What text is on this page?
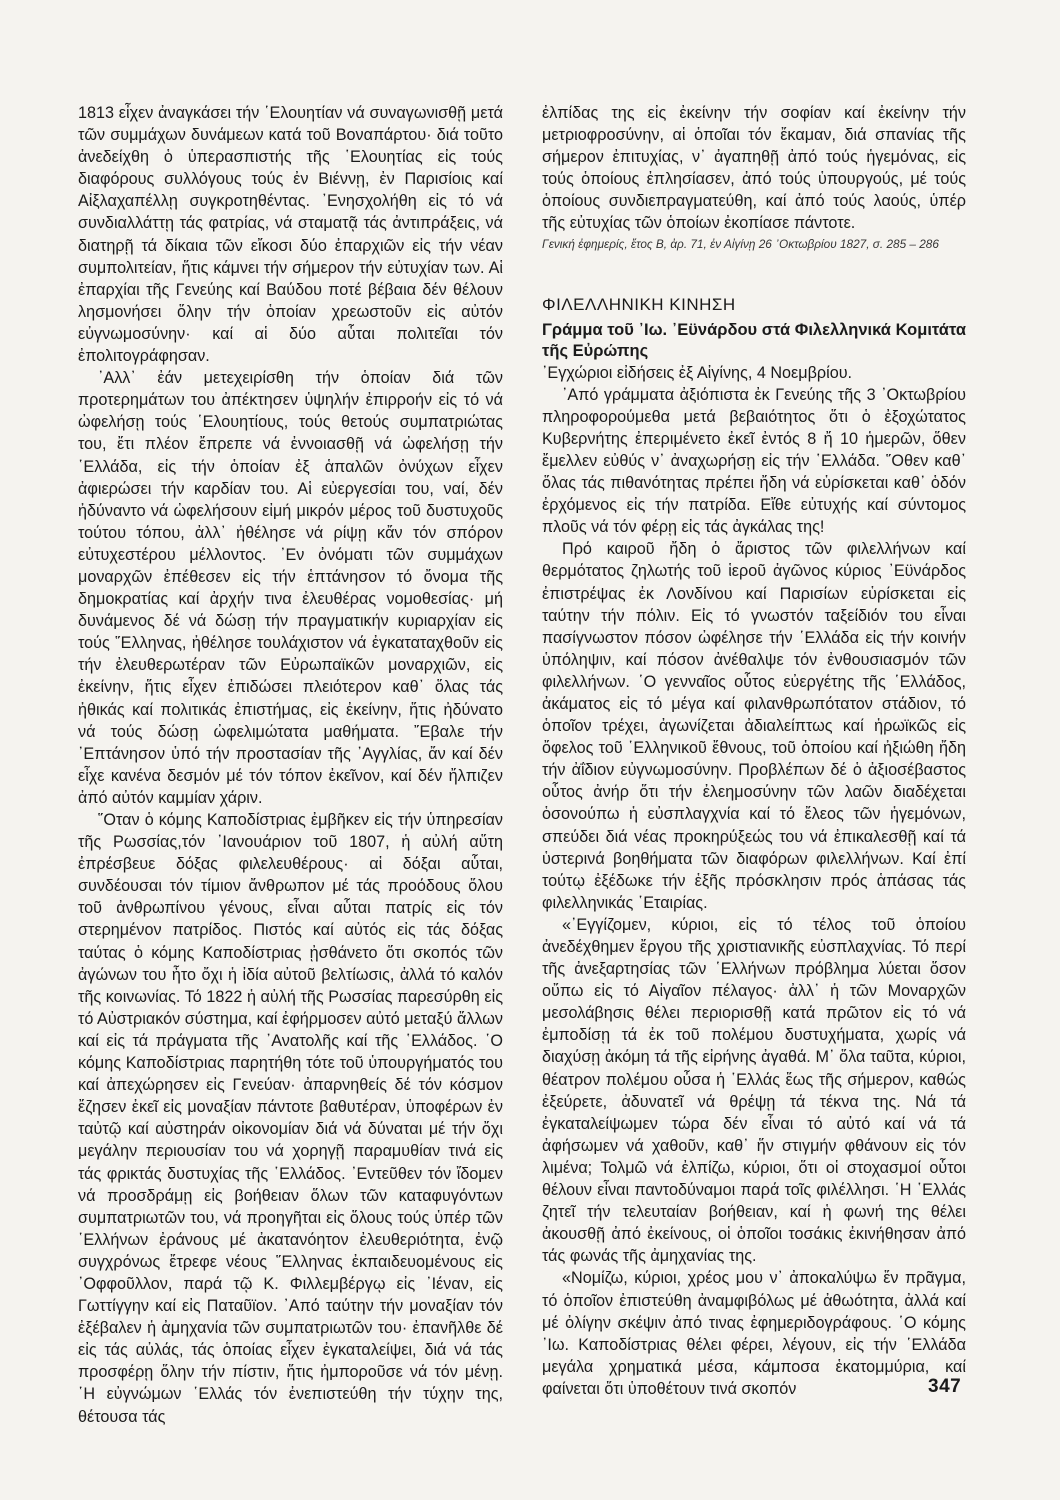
1813 εἶχεν ἀναγκάσει τήν ῾Ελουητίαν νά συναγωνισθῇ μετά τῶν συμμάχων δυνάμεων κατά τοῦ Βοναπάρτου· διά τοῦτο ἀνεδείχθη ὁ ὑπερασπιστής τῆς ῾Ελουητίας εἰς τούς διαφόρους συλλόγους τούς ἐν Βιέννῃ, ἐν Παρισίοις καί Αἰξλαχαπέλλῃ συγκροτηθέντας. ᾿Ενησχολήθη εἰς τό νά συνδιαλλάττῃ τάς φατρίας, νά σταματᾷ τάς ἀντιπράξεις, νά διατηρῇ τά δίκαια τῶν εἴκοσι δύο ἐπαρχιῶν εἰς τήν νέαν συμπολιτείαν, ἥτις κάμνει τήν σήμερον τήν εὐτυχίαν των. Αἱ ἐπαρχίαι τῆς Γενεύης καί Βαύδου ποτέ βέβαια δέν θέλουν λησμονήσει ὅλην τήν ὁποίαν χρεωστοῦν εἰς αὐτόν εὐγνωμοσύνην· καί αἱ δύο αὗται πολιτεῖαι τόν ἐπολιτογράφησαν.

᾿Αλλ᾿ ἐάν μετεχειρίσθη τήν ὁποίαν διά τῶν προτερημάτων του ἀπέκτησεν ὑψηλήν ἐπιρροήν εἰς τό νά ὠφελήσῃ τούς ῾Ελουητίους, τούς θετούς συμπατριώτας του, ἔτι πλέον ἔπρεπε νά ἐννοιασθῇ νά ὠφελήσῃ τήν ῾Ελλάδα, εἰς τήν ὁποίαν ἐξ ἁπαλῶν ὀνύχων εἶχεν ἀφιερώσει τήν καρδίαν του. Αἱ εὐεργεσίαι του, ναί, δέν ἠδύναντο νά ὠφελήσουν εἰμή μικρόν μέρος τοῦ δυστυχοῦς τούτου τόπου, ἀλλ᾿ ἠθέλησε νά ρίψῃ κἄν τόν σπόρον εὐτυχεστέρου μέλλοντος. ᾿Εν ὀνόματι τῶν συμμάχων μοναρχῶν ἐπέθεσεν εἰς τήν ἑπτάνησον τό ὄνομα τῆς δημοκρατίας καί ἀρχήν τινα ἐλευθέρας νομοθεσίας· μή δυνάμενος δέ νά δώσῃ τήν πραγματικήν κυριαρχίαν εἰς τούς ῞Ελληνας, ἠθέλησε τουλάχιστον νά ἐγκαταταχθοῦν εἰς τήν ἐλευθερωτέραν τῶν Εὐρωπαϊκῶν μοναρχιῶν, εἰς ἐκείνην, ἥτις εἶχεν ἐπιδώσει πλειότερον καθ᾿ ὅλας τάς ἠθικάς καί πολιτικάς ἐπιστήμας, εἰς ἐκείνην, ἥτις ἠδύνατο νά τούς δώσῃ ὠφελιμώτατα μαθήματα. ῎Εβαλε τήν ᾿Επτάνησον ὑπό τήν προστασίαν τῆς ᾿Αγγλίας, ἄν καί δέν εἶχε κανένα δεσμόν μέ τόν τόπον ἐκεῖνον, καί δέν ἤλπιζεν ἀπό αὐτόν καμμίαν χάριν.

῞Οταν ὁ κόμης Καποδίστριας ἐμβῆκεν εἰς τήν ὑπηρεσίαν τῆς Ρωσσίας,τόν ᾿Ιανουάριον τοῦ 1807, ἡ αὐλή αὕτη ἐπρέσβευε δόξας φιλελευθέρους· αἱ δόξαι αὗται, συνδέουσαι τόν τίμιον ἄνθρωπον μέ τάς προόδους ὅλου τοῦ ἀνθρωπίνου γένους, εἶναι αὗται πατρίς εἰς τόν στερημένον πατρίδος. Πιστός καί αὐτός εἰς τάς δόξας ταύτας ὁ κόμης Καποδίστριας ᾐσθάνετο ὅτι σκοπός τῶν ἀγώνων του ἦτο ὄχι ἡ ἰδία αὐτοῦ βελτίωσις, ἀλλά τό καλόν τῆς κοινωνίας. Τό 1822 ἡ αὐλή τῆς Ρωσσίας παρεσύρθη εἰς τό Αὐστριακόν σύστημα, καί ἐφήρμοσεν αὐτό μεταξύ ἄλλων καί εἰς τά πράγματα τῆς ᾿Ανατολῆς καί τῆς ῾Ελλάδος. ῾Ο κόμης Καποδίστριας παρητήθη τότε τοῦ ὑπουργήματός του καί ἀπεχώρησεν εἰς Γενεύαν· ἀπαρνηθείς δέ τόν κόσμον ἔζησεν ἐκεῖ εἰς μοναξίαν πάντοτε βαθυτέραν, ὑποφέρων ἐν ταὐτῷ καί αὐστηράν οἰκονομίαν διά νά δύναται μέ τήν ὄχι μεγάλην περιουσίαν του νά χορηγῇ παραμυθίαν τινά εἰς τάς φρικτάς δυστυχίας τῆς ῾Ελλάδος. ᾿Εντεῦθεν τόν ἴδομεν νά προσδράμῃ εἰς βοήθειαν ὅλων τῶν καταφυγόντων συμπατριωτῶν του, νά προηγῆται εἰς ὅλους τούς ὑπέρ τῶν ῾Ελλήνων ἐράνους μέ ἀκατανόητον ἐλευθεριότητα, ἐνῷ συγχρόνως ἔτρεφε νέους ῞Ελληνας ἐκπαιδευομένους εἰς ᾿Οφφοῦλλον, παρά τῷ Κ. Φιλλεμβέργῳ εἰς ᾿Ιέναν, εἰς Γωττίγγην καί εἰς Παταῦϊον. ᾿Από ταύτην τήν μοναξίαν τόν ἐξέβαλεν ἡ ἀμηχανία τῶν συμπατριωτῶν του· ἐπανῆλθε δέ εἰς τάς αὐλάς, τάς ὁποίας εἶχεν ἐγκαταλείψει, διά νά τάς προσφέρῃ ὅλην τήν πίστιν, ἥτις ἠμποροῦσε νά τόν μένῃ. ῾Η εὐγνώμων ῾Ελλάς τόν ἐνεπιστεύθη τήν τύχην της, θέτουσα τάς

ἐλπίδας της εἰς ἐκείνην τήν σοφίαν καί ἐκείνην τήν μετριοφροσύνην, αἱ ὁποῖαι τόν ἔκαμαν, διά σπανίας τῆς σήμερον ἐπιτυχίας, ν᾿ ἀγαπηθῇ ἀπό τούς ἡγεμόνας, εἰς τούς ὁποίους ἐπλησίασεν, ἀπό τούς ὑπουργούς, μέ τούς ὁποίους συνδιεπραγματεύθη, καί ἀπό τούς λαούς, ὑπέρ τῆς εὐτυχίας τῶν ὁποίων ἐκοπίασε πάντοτε.

Γενική ἐφημερίς, ἔτος Β, ἀρ. 71, ἐν Αἰγίνῃ 26 ᾿Οκτωβρίου 1827, σ. 285 – 286

ΦΙΛΕΛΛΗΝΙΚΗ ΚΙΝΗΣΗ
Γράμμα τοῦ ᾿Ιω. ᾿Εϋνάρδου στά Φιλελληνικά Κομιτάτα τῆς Εὐρώπης

᾿Εγχώριοι εἰδήσεις ἐξ Αἰγίνης, 4 Νοεμβρίου.

᾿Από γράμματα ἀξιόπιστα ἐκ Γενεύης τῆς 3 ᾿Οκτωβρίου πληροφορούμεθα μετά βεβαιότητος ὅτι ὁ ἐξοχώτατος Κυβερνήτης ἐπεριμένετο ἐκεῖ ἐντός 8 ἤ 10 ἡμερῶν, ὅθεν ἔμελλεν εὐθύς ν᾿ ἀναχωρήσῃ εἰς τήν ῾Ελλάδα. ῞Οθεν καθ᾿ ὅλας τάς πιθανότητας πρέπει ἤδη νά εὑρίσκεται καθ᾿ ὁδόν ἐρχόμενος εἰς τήν πατρίδα. Εἴθε εὐτυχής καί σύντομος πλοῦς νά τόν φέρῃ εἰς τάς ἀγκάλας της!

Πρό καιροῦ ἤδη ὁ ἄριστος τῶν φιλελλήνων καί θερμότατος ζηλωτής τοῦ ἱεροῦ ἀγῶνος κύριος ᾿Εϋνάρδος ἐπιστρέψας ἐκ Λονδίνου καί Παρισίων εὑρίσκεται εἰς ταύτην τήν πόλιν. Εἰς τό γνωστόν ταξείδιόν του εἶναι πασίγνωστον πόσον ὠφέλησε τήν ῾Ελλάδα εἰς τήν κοινήν ὑπόληψιν, καί πόσον ἀνέθαλψε τόν ἐνθουσιασμόν τῶν φιλελλήνων. ῾Ο γενναῖος οὗτος εὐεργέτης τῆς ῾Ελλάδος, ἀκάματος εἰς τό μέγα καί φιλανθρωπότατον στάδιον, τό ὁποῖον τρέχει, ἀγωνίζεται ἀδιαλείπτως καί ἡρωϊκῶς εἰς ὄφελος τοῦ ῾Ελληνικοῦ ἔθνους, τοῦ ὁποίου καί ἠξιώθη ἤδη τήν ἀΐδιον εὐγνωμοσύνην. Προβλέπων δέ ὁ ἀξιοσέβαστος οὗτος ἀνήρ ὅτι τήν ἐλεημοσύνην τῶν λαῶν διαδέχεται ὁσονούπω ἡ εὐσπλαγχνία καί τό ἔλεος τῶν ἡγεμόνων, σπεύδει διά νέας προκηρύξεώς του νά ἐπικαλεσθῇ καί τά ὑστερινά βοηθήματα τῶν διαφόρων φιλελλήνων. Καί ἐπί τούτῳ ἐξέδωκε τήν ἑξῆς πρόσκλησιν πρός ἁπάσας τάς φιλελληνικάς ῾Εταιρίας.

«᾿Εγγίζομεν, κύριοι, εἰς τό τέλος τοῦ ὁποίου ἀνεδέχθημεν ἔργου τῆς χριστιανικῆς εὐσπλαχνίας. Τό περί τῆς ἀνεξαρτησίας τῶν ῾Ελλήνων πρόβλημα λύεται ὅσον οὔπω εἰς τό Αἰγαῖον πέλαγος· ἀλλ᾿ ἡ τῶν Μοναρχῶν μεσολάβησις θέλει περιορισθῇ κατά πρῶτον εἰς τό νά ἐμποδίσῃ τά ἐκ τοῦ πολέμου δυστυχήματα, χωρίς νά διαχύσῃ ἀκόμη τά τῆς εἰρήνης ἀγαθά. Μ᾿ ὅλα ταῦτα, κύριοι, θέατρον πολέμου οὖσα ἡ ῾Ελλάς ἕως τῆς σήμερον, καθώς ἐξεύρετε, ἀδυνατεῖ νά θρέψῃ τά τέκνα της. Νά τά ἐγκαταλείψωμεν τώρα δέν εἶναι τό αὐτό καί νά τά ἀφήσωμεν νά χαθοῦν, καθ᾿ ἥν στιγμήν φθάνουν εἰς τόν λιμένα; Τολμῶ νά ἐλπίζω, κύριοι, ὅτι οἱ στοχασμοί οὗτοι θέλουν εἶναι παντοδύναμοι παρά τοῖς φιλέλλησι. ῾Η ῾Ελλάς ζητεῖ τήν τελευταίαν βοήθειαν, καί ἡ φωνή της θέλει ἀκουσθῇ ἀπό ἐκείνους, οἱ ὁποῖοι τοσάκις ἐκινήθησαν ἀπό τάς φωνάς τῆς ἀμηχανίας της.

«Νομίζω, κύριοι, χρέος μου ν᾿ ἀποκαλύψω ἕν πρᾶγμα, τό ὁποῖον ἐπιστεύθη ἀναμφιβόλως μέ ἀθωότητα, ἀλλά καί μέ ὀλίγην σκέψιν ἀπό τινας ἐφημεριδογράφους. ῾Ο κόμης ᾿Ιω. Καποδίστριας θέλει φέρει, λέγουν, εἰς τήν ῾Ελλάδα μεγάλα χρηματικά μέσα, κάμποσα ἑκατομμύρια, καί φαίνεται ὅτι ὑποθέτουν τινά σκοπόν	347
